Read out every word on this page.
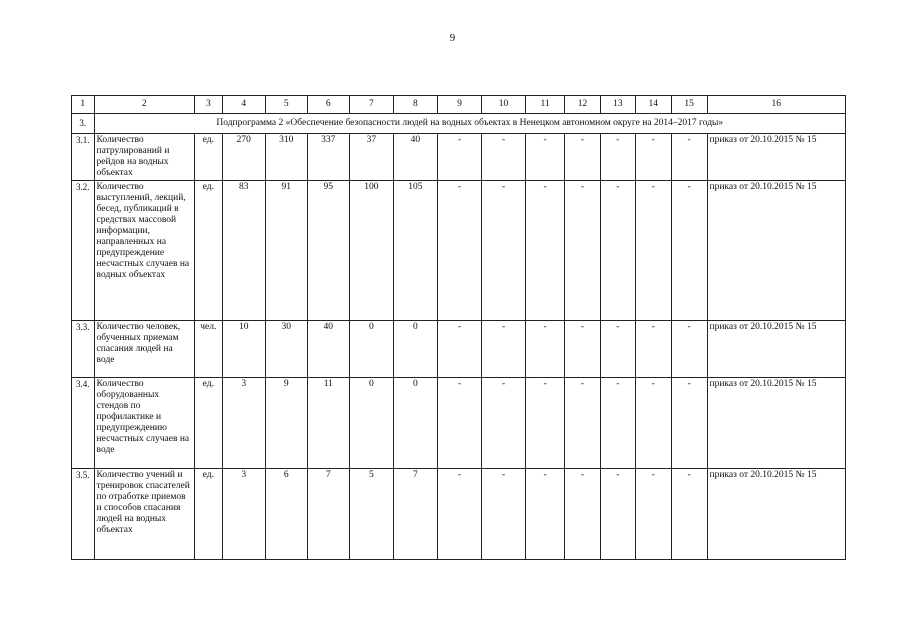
9
1	2	3	4	5	6	7	8	9	10	11	12	13	14	15	16
3.	Подпрограмма 2 «Обеспечение безопасности людей на водных объектах в Ненецком автономном округе на 2014–2017 годы»														
3.1.	Количество патрулирований и рейдов на водных объектах	ед.	270	310	337	37	40	-	-	-	-	-	-	-	приказ от 20.10.2015 № 15
3.2.	Количество выступлений, лекций, бесед, публикаций в средствах массовой информации, направленных на предупреждение несчастных случаев на водных объектах	ед.	83	91	95	100	105	-	-	-	-	-	-	-	приказ от 20.10.2015 № 15
3.3.	Количество человек, обученных приемам спасания людей на воде	чел.	10	30	40	0	0	-	-	-	-	-	-	-	приказ от 20.10.2015 № 15
3.4.	Количество оборудованных стендов по профилактике и предупреждению несчастных случаев на воде	ед.	3	9	11	0	0	-	-	-	-	-	-	-	приказ от 20.10.2015 № 15
3.5.	Количество учений и тренировок спасателей по отработке приемов и способов спасания людей на водных объектах	ед.	3	6	7	5	7	-	-	-	-	-	-	-	приказ от 20.10.2015 № 15
